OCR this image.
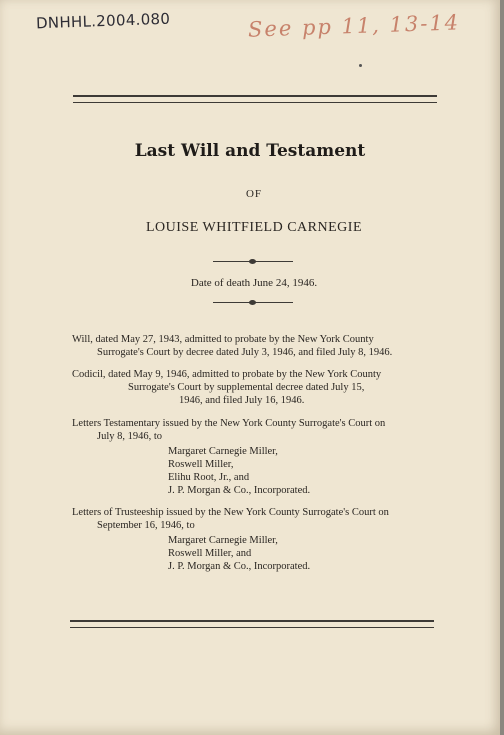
DNHHL.2004.080	See pp 11, 13-14
Last Will and Testament
OF
LOUISE WHITFIELD CARNEGIE
Date of death June 24, 1946.
Will, dated May 27, 1943, admitted to probate by the New York County
Surrogate's Court by decree dated July 3, 1946, and filed July 8, 1946.
Codicil, dated May 9, 1946, admitted to probate by the New York County
Surrogate's Court by supplemental decree dated July 15,
1946, and filed July 16, 1946.
Letters Testamentary issued by the New York County Surrogate's Court on
July 8, 1946, to
Margaret Carnegie Miller,
Roswell Miller,
Elihu Root, Jr., and
J. P. Morgan & Co., Incorporated.
Letters of Trusteeship issued by the New York County Surrogate's Court on
September 16, 1946, to
Margaret Carnegie Miller,
Roswell Miller, and
J. P. Morgan & Co., Incorporated.
